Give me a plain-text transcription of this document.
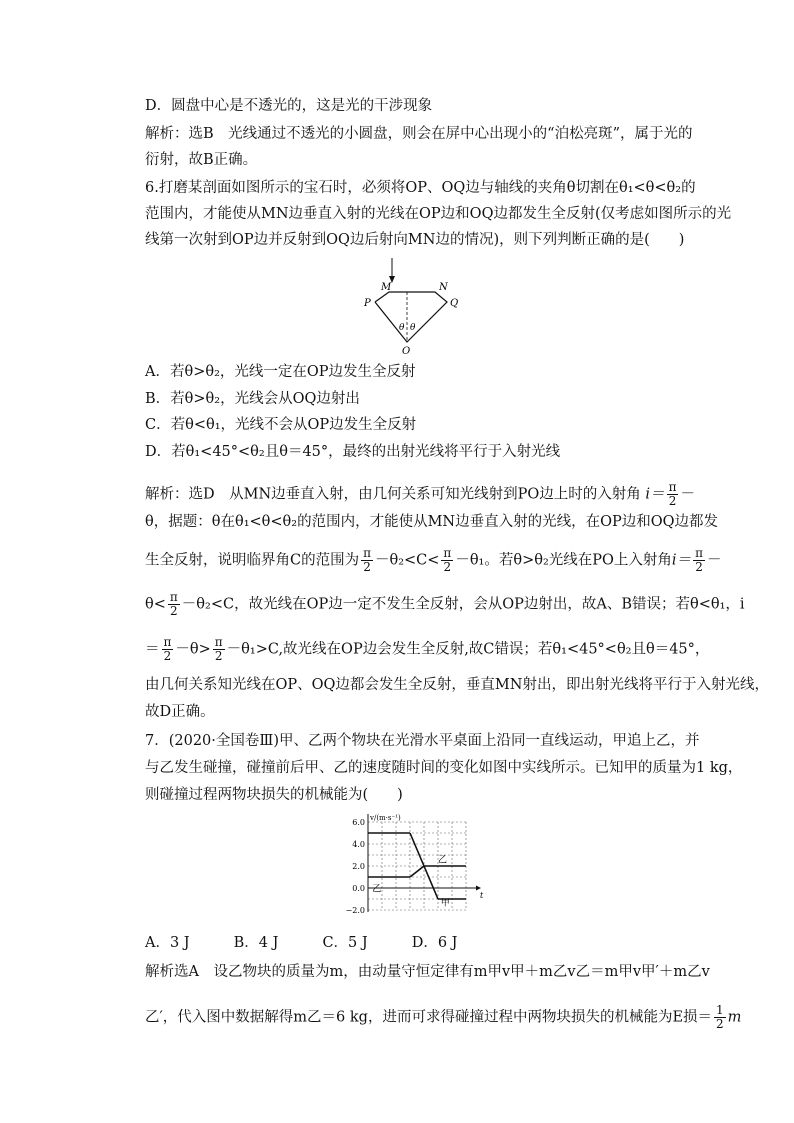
D．圆盘中心是不透光的，这是光的干涉现象
解析：选B　光线通过不透光的小圆盘，则会在屏中心出现小的“泊松亮斑”，属于光的
衍射，故B正确。
6.打磨某剖面如图所示的宝石时，必须将OP、OQ边与轴线的夹角θ切割在θ₁<θ<θ₂的
范围内，才能使从MN边垂直入射的光线在OP边和OQ边都发生全反射(仅考虑如图所示的光
线第一次射到OP边并反射到OQ边后射向MN边的情况)，则下列判断正确的是(　　)
M	N
P	Q
O
θ θ
A．若θ>θ₂，光线一定在OP边发生全反射
B．若θ>θ₂，光线会从OQ边射出
C．若θ<θ₁，光线不会从OP边发生全反射
D．若θ₁<45°<θ₂且θ＝45°，最终的出射光线将平行于入射光线
解析：选D　从MN边垂直入射，由几何关系可知光线射到PO边上时的入射角 $i= \frac{\pi}{2}$ －
θ，据题：θ在θ₁<θ<θ₂的范围内，才能使从MN边垂直入射的光线，在OP边和OQ边都发
生全反射，说明临界角C的范围为 $\frac{\pi}{2} -\theta_2<C< \frac{\pi}{2} -\theta_1$。若θ>θ₂光线在PO上入射角$i= \frac{\pi}{2}$ －
$\theta< \frac{\pi}{2} -\theta_2<C$，故光线在OP边一定不发生全反射，会从OP边射出，故A、B错误；若θ<θ₁，i
＝ $\frac{\pi}{2} -\theta> \frac{\pi}{2} -\theta_1>C$,故光线在OP边会发生全反射,故C错误；若θ₁<45°<θ₂且θ＝45°，
由几何关系知光线在OP、OQ边都会发生全反射，垂直MN射出，即出射光线将平行于入射光线，
故D正确。
7．(2020·全国卷Ⅲ)甲、乙两个物块在光滑水平桌面上沿同一直线运动，甲追上乙，并
与乙发生碰撞，碰撞前后甲、乙的速度随时间的变化如图中实线所示。已知甲的质量为1 kg，
则碰撞过程两物块损失的机械能为(　　)
6.0
4.0
2.0
0.0
−2.0
v/(m·s⁻¹)
t
甲
乙
乙
A．3 J	B．4 J	C．5 J	D．6 J
解析选A　设乙物块的质量为m，由动量守恒定律有m甲v甲＋m乙v乙＝m甲v甲′＋m乙v
乙′，代入图中数据解得m乙＝6 kg，进而可求得碰撞过程中两物块损失的机械能为E损＝ $\frac{1}{2}$ m
